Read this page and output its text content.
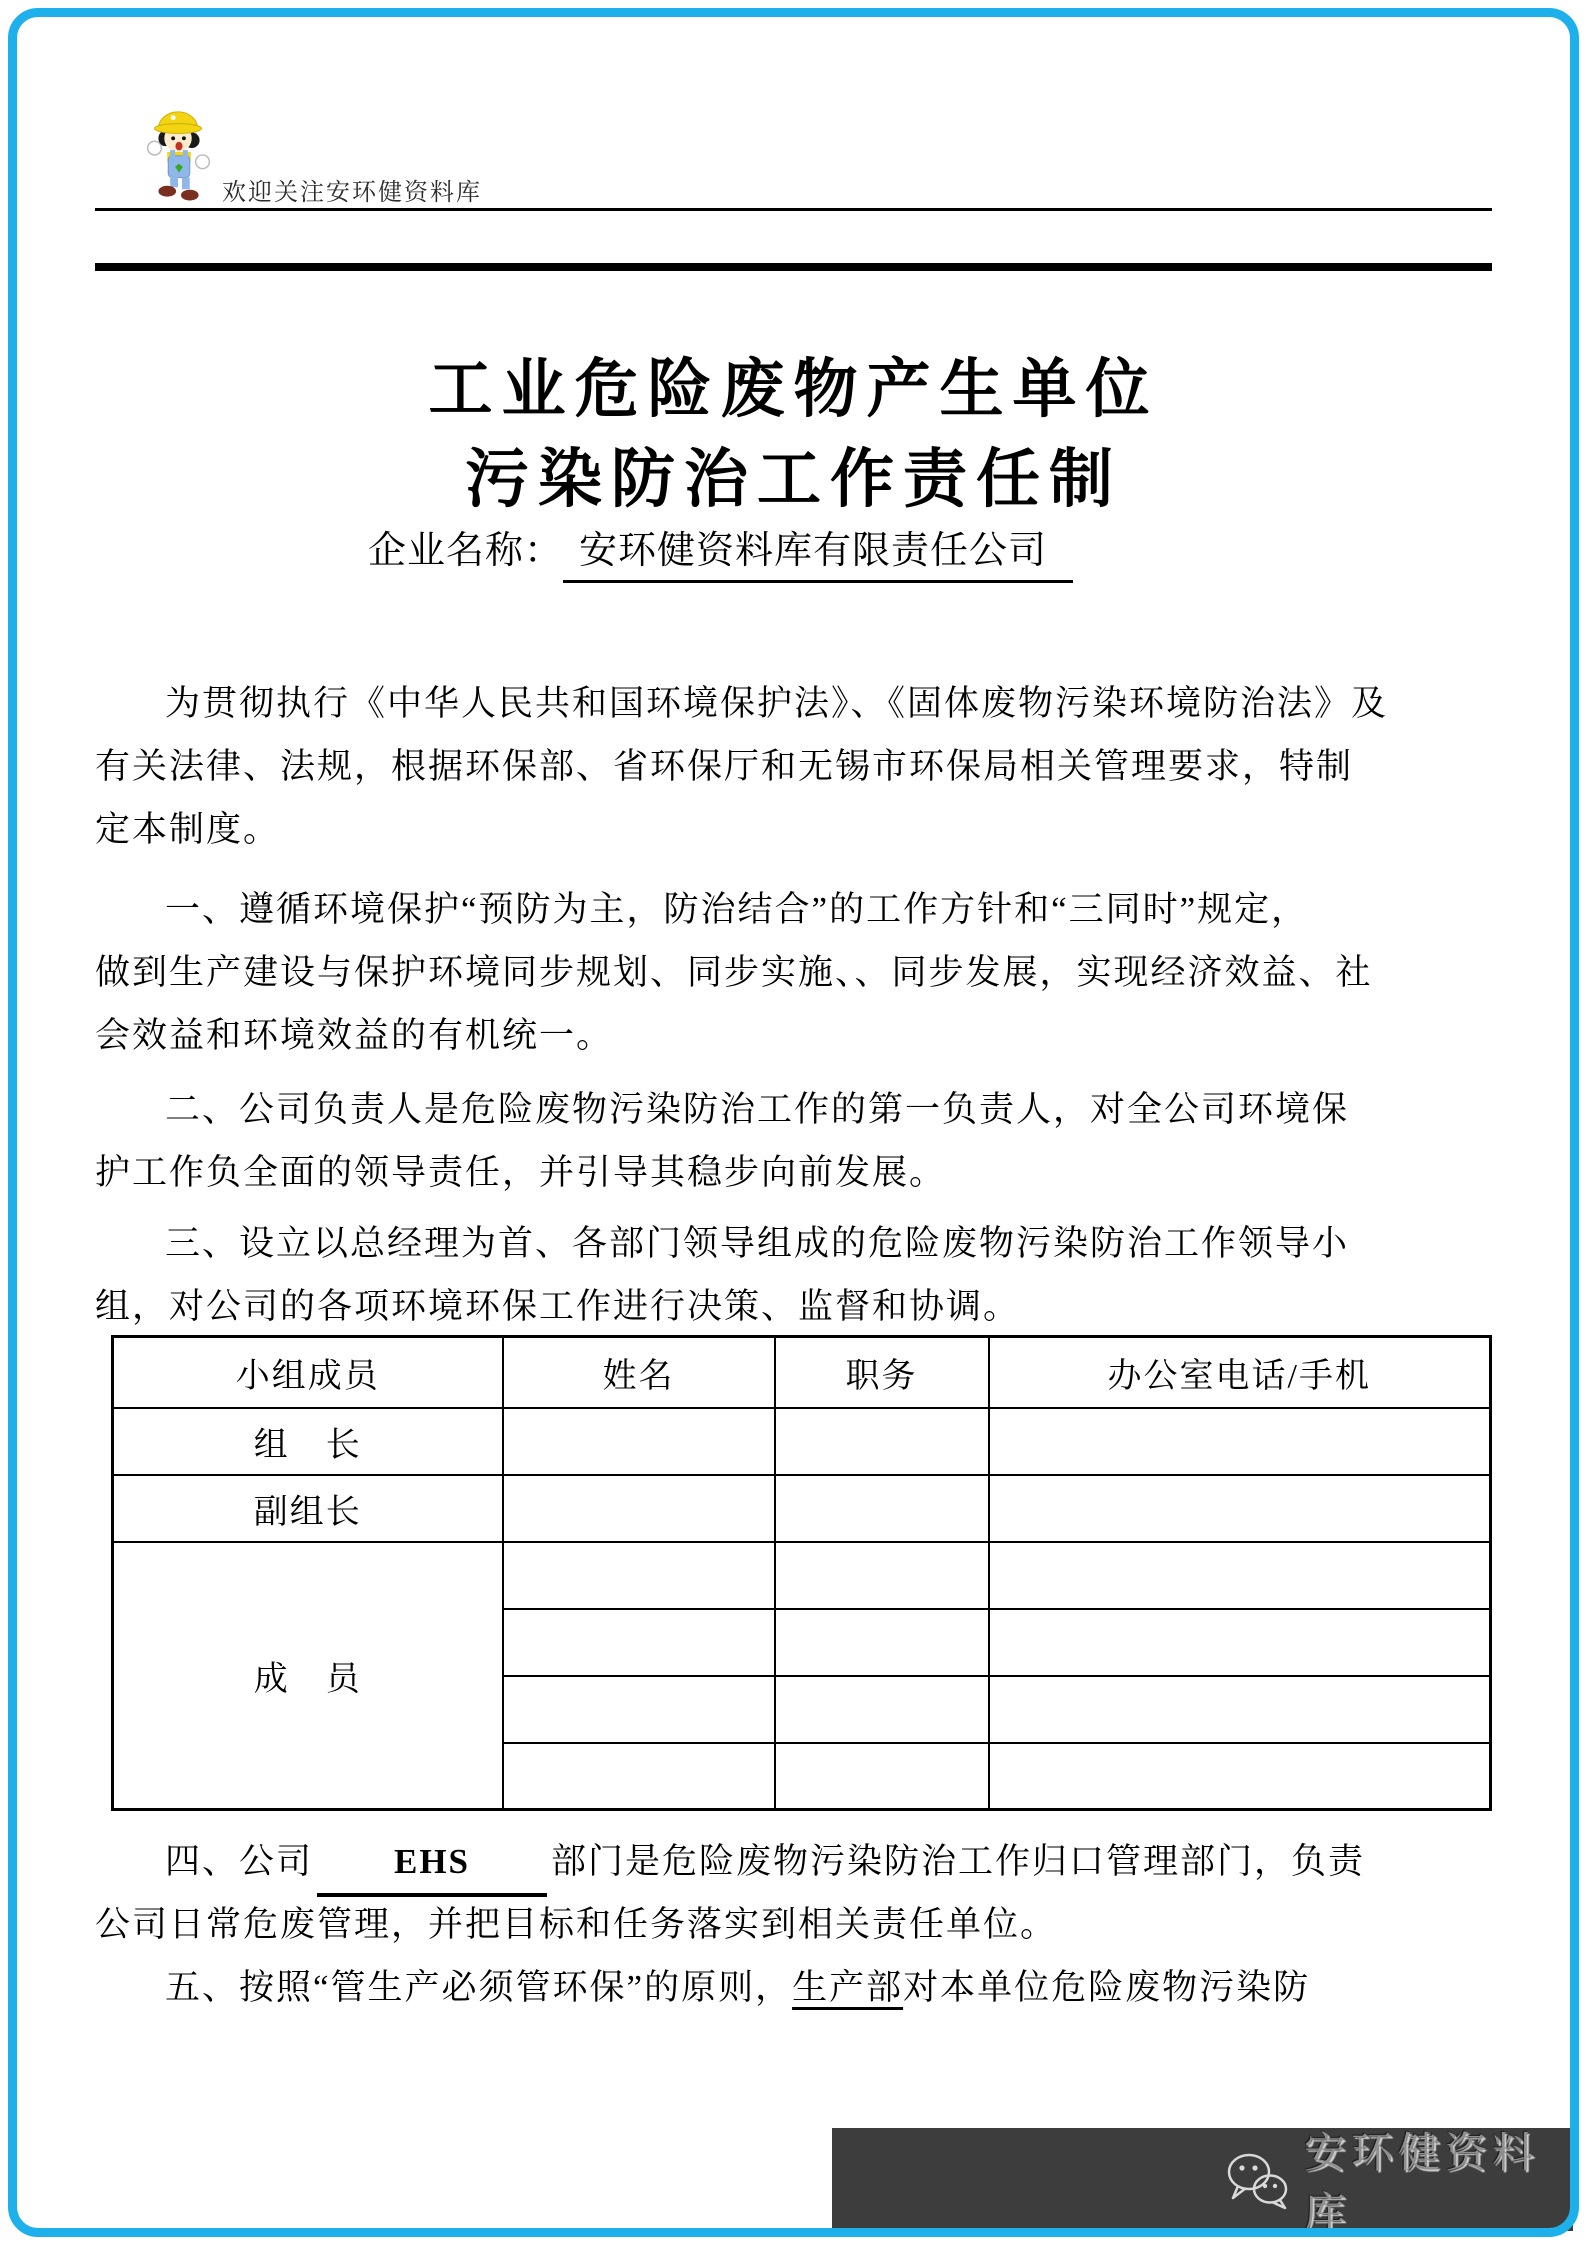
欢迎关注安环健资料库
工业危险废物产生单位
污染防治工作责任制
企业名称： 安环健资料库有限责任公司
为贯彻执行《中华人民共和国环境保护法》、《固体废物污染环境防治法》及
有关法律、法规，根据环保部、省环保厅和无锡市环保局相关管理要求，特制
定本制度。
一、遵循环境保护“预防为主，防治结合”的工作方针和“三同时”规定，
做到生产建设与保护环境同步规划、同步实施、、同步发展，实现经济效益、社
会效益和环境效益的有机统一。
二、公司负责人是危险废物污染防治工作的第一负责人，对全公司环境保
护工作负全面的领导责任，并引导其稳步向前发展。
三、设立以总经理为首、各部门领导组成的危险废物污染防治工作领导小
组，对公司的各项环境环保工作进行决策、监督和协调。
小组成员	姓名	职务	办公室电话/手机
组　长			
副组长			
成　员			

四、公司 EHS 部门是危险废物污染防治工作归口管理部门，负责
公司日常危废管理，并把目标和任务落实到相关责任单位。
五、按照“管生产必须管环保”的原则，生产部对本单位危险废物污染防
安环健资料库
